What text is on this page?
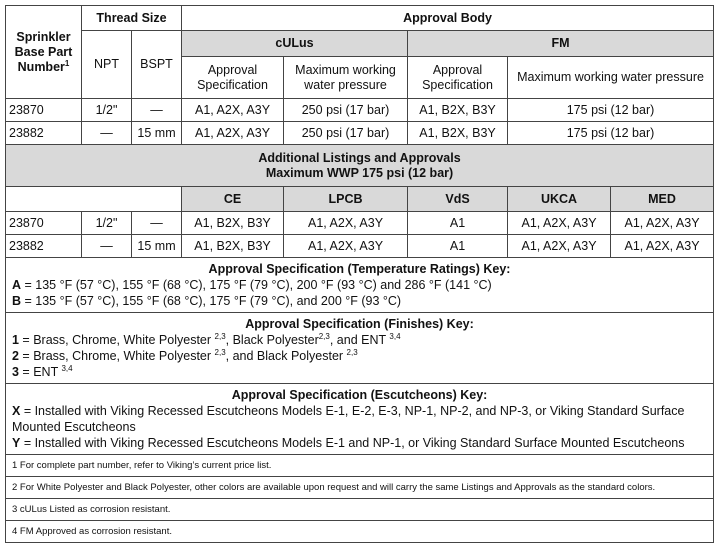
Sprinkler Base Part Number$^1$	Thread Size		Approval Body				
	NPT	BSPT	cULus		FM		
			Approval Specification	Maximum working water pressure	Approval Specification	Maximum working water pressure	
23870	1/2"	—	A1, A2X, A3Y	250 psi (17 bar)	A1, B2X, B3Y	175 psi (12 bar)	
23882	—	15 mm	A1, A2X, A3Y	250 psi (17 bar)	A1, B2X, B3Y	175 psi (12 bar)	

Additional Listings and Approvals
Maximum WWP 175 psi (12 bar)							

			CE	LPCB	VdS	UKCA	MED
23870	1/2"	—	A1, B2X, B3Y	A1, A2X, A3Y	A1	A1, A2X, A3Y	A1, A2X, A3Y
23882	—	15 mm	A1, B2X, B3Y	A1, A2X, A3Y	A1	A1, A2X, A3Y	A1, A2X, A3Y

Approval Specification (Temperature Ratings) Key:
A = 135 °F (57 °C), 155 °F (68 °C), 175 °F (79 °C), 200 °F (93 °C) and 286 °F (141 °C)
B = 135 °F (57 °C), 155 °F (68 °C), 175 °F (79 °C), and 200 °F (93 °C)							

Approval Specification (Finishes) Key:
1 = Brass, Chrome, White Polyester $^{2,3}$, Black Polyester$^{2,3}$, and ENT $^{3,4}$
2 = Brass, Chrome, White Polyester $^{2,3}$, and Black Polyester $^{2,3}$
3 = ENT $^{3,4}$

Approval Specification (Escutcheons) Key:
X = Installed with Viking Recessed Escutcheons Models E-1, E-2, E-3, NP-1, NP-2, and NP-3, or Viking Standard Surface Mounted Escutcheons
Y = Installed with Viking Recessed Escutcheons Models E-1 and NP-1, or Viking Standard Surface Mounted Escutcheons							

1 For complete part number, refer to Viking’s current price list.							
2 For White Polyester and Black Polyester, other colors are available upon request and will carry the same Listings and Approvals as the standard colors.							
3 cULus Listed as corrosion resistant.							
4 FM Approved as corrosion resistant.							
